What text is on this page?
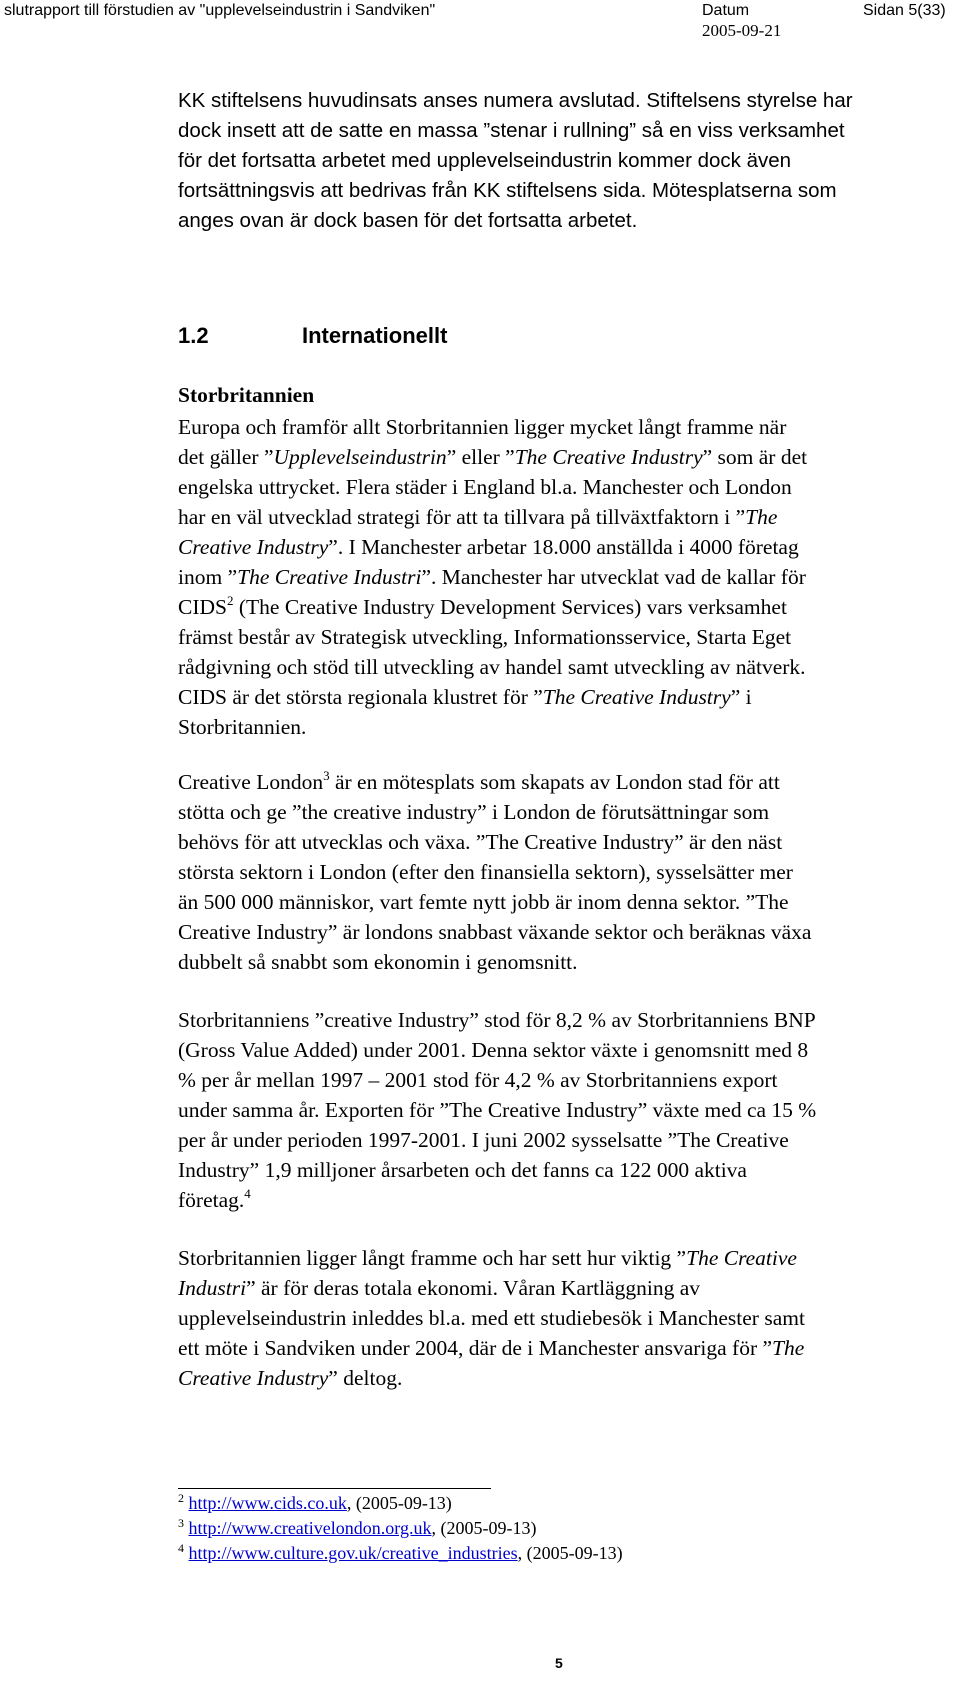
slutrapport till förstudien av "upplevelseindustrin i Sandviken"	Datum	Sidan 5(33)
2005-09-21

KK stiftelsens huvudinsats anses numera avslutad. Stiftelsens styrelse har
dock insett att de satte en massa ”stenar i rullning” så en viss verksamhet
för det fortsatta arbetet med upplevelseindustrin kommer dock även
fortsättningsvis att bedrivas från KK stiftelsens sida. Mötesplatserna som
anges ovan är dock basen för det fortsatta arbetet.

1.2	Internationellt
Storbritannien

Europa och framför allt Storbritannien ligger mycket långt framme när
det gäller ”Upplevelseindustrin” eller ”The Creative Industry” som är det
engelska uttrycket. Flera städer i England bl.a. Manchester och London
har en väl utvecklad strategi för att ta tillvara på tillväxtfaktorn i ”The
Creative Industry”. I Manchester arbetar 18.000 anställda i 4000 företag
inom ”The Creative Industri”. Manchester har utvecklat vad de kallar för
CIDS$^2$ (The Creative Industry Development Services) vars verksamhet
främst består av Strategisk utveckling, Informationsservice, Starta Eget
rådgivning och stöd till utveckling av handel samt utveckling av nätverk.
CIDS är det största regionala klustret för ”The Creative Industry” i
Storbritannien.

Creative London$^3$ är en mötesplats som skapats av London stad för att
stötta och ge ”the creative industry” i London de förutsättningar som
behövs för att utvecklas och växa. ”The Creative Industry” är den näst
största sektorn i London (efter den finansiella sektorn), sysselsätter mer
än 500 000 människor, vart femte nytt jobb är inom denna sektor. ”The
Creative Industry” är londons snabbast växande sektor och beräknas växa
dubbelt så snabbt som ekonomin i genomsnitt.

Storbritanniens ”creative Industry” stod för 8,2 % av Storbritanniens BNP
(Gross Value Added) under 2001. Denna sektor växte i genomsnitt med 8
% per år mellan 1997 – 2001 stod för 4,2 % av Storbritanniens export
under samma år. Exporten för ”The Creative Industry” växte med ca 15 %
per år under perioden 1997-2001. I juni 2002 sysselsatte ”The Creative
Industry” 1,9 milljoner årsarbeten och det fanns ca 122 000 aktiva
företag.$^4$

Storbritannien ligger långt framme och har sett hur viktig ”The Creative
Industri” är för deras totala ekonomi. Våran Kartläggning av
upplevelseindustrin inleddes bl.a. med ett studiebesök i Manchester samt
ett möte i Sandviken under 2004, där de i Manchester ansvariga för ”The
Creative Industry” deltog.

$^2$ http://www.cids.co.uk, (2005-09-13)
$^3$ http://www.creativelondon.org.uk, (2005-09-13)
$^4$ http://www.culture.gov.uk/creative_industries, (2005-09-13)
5
